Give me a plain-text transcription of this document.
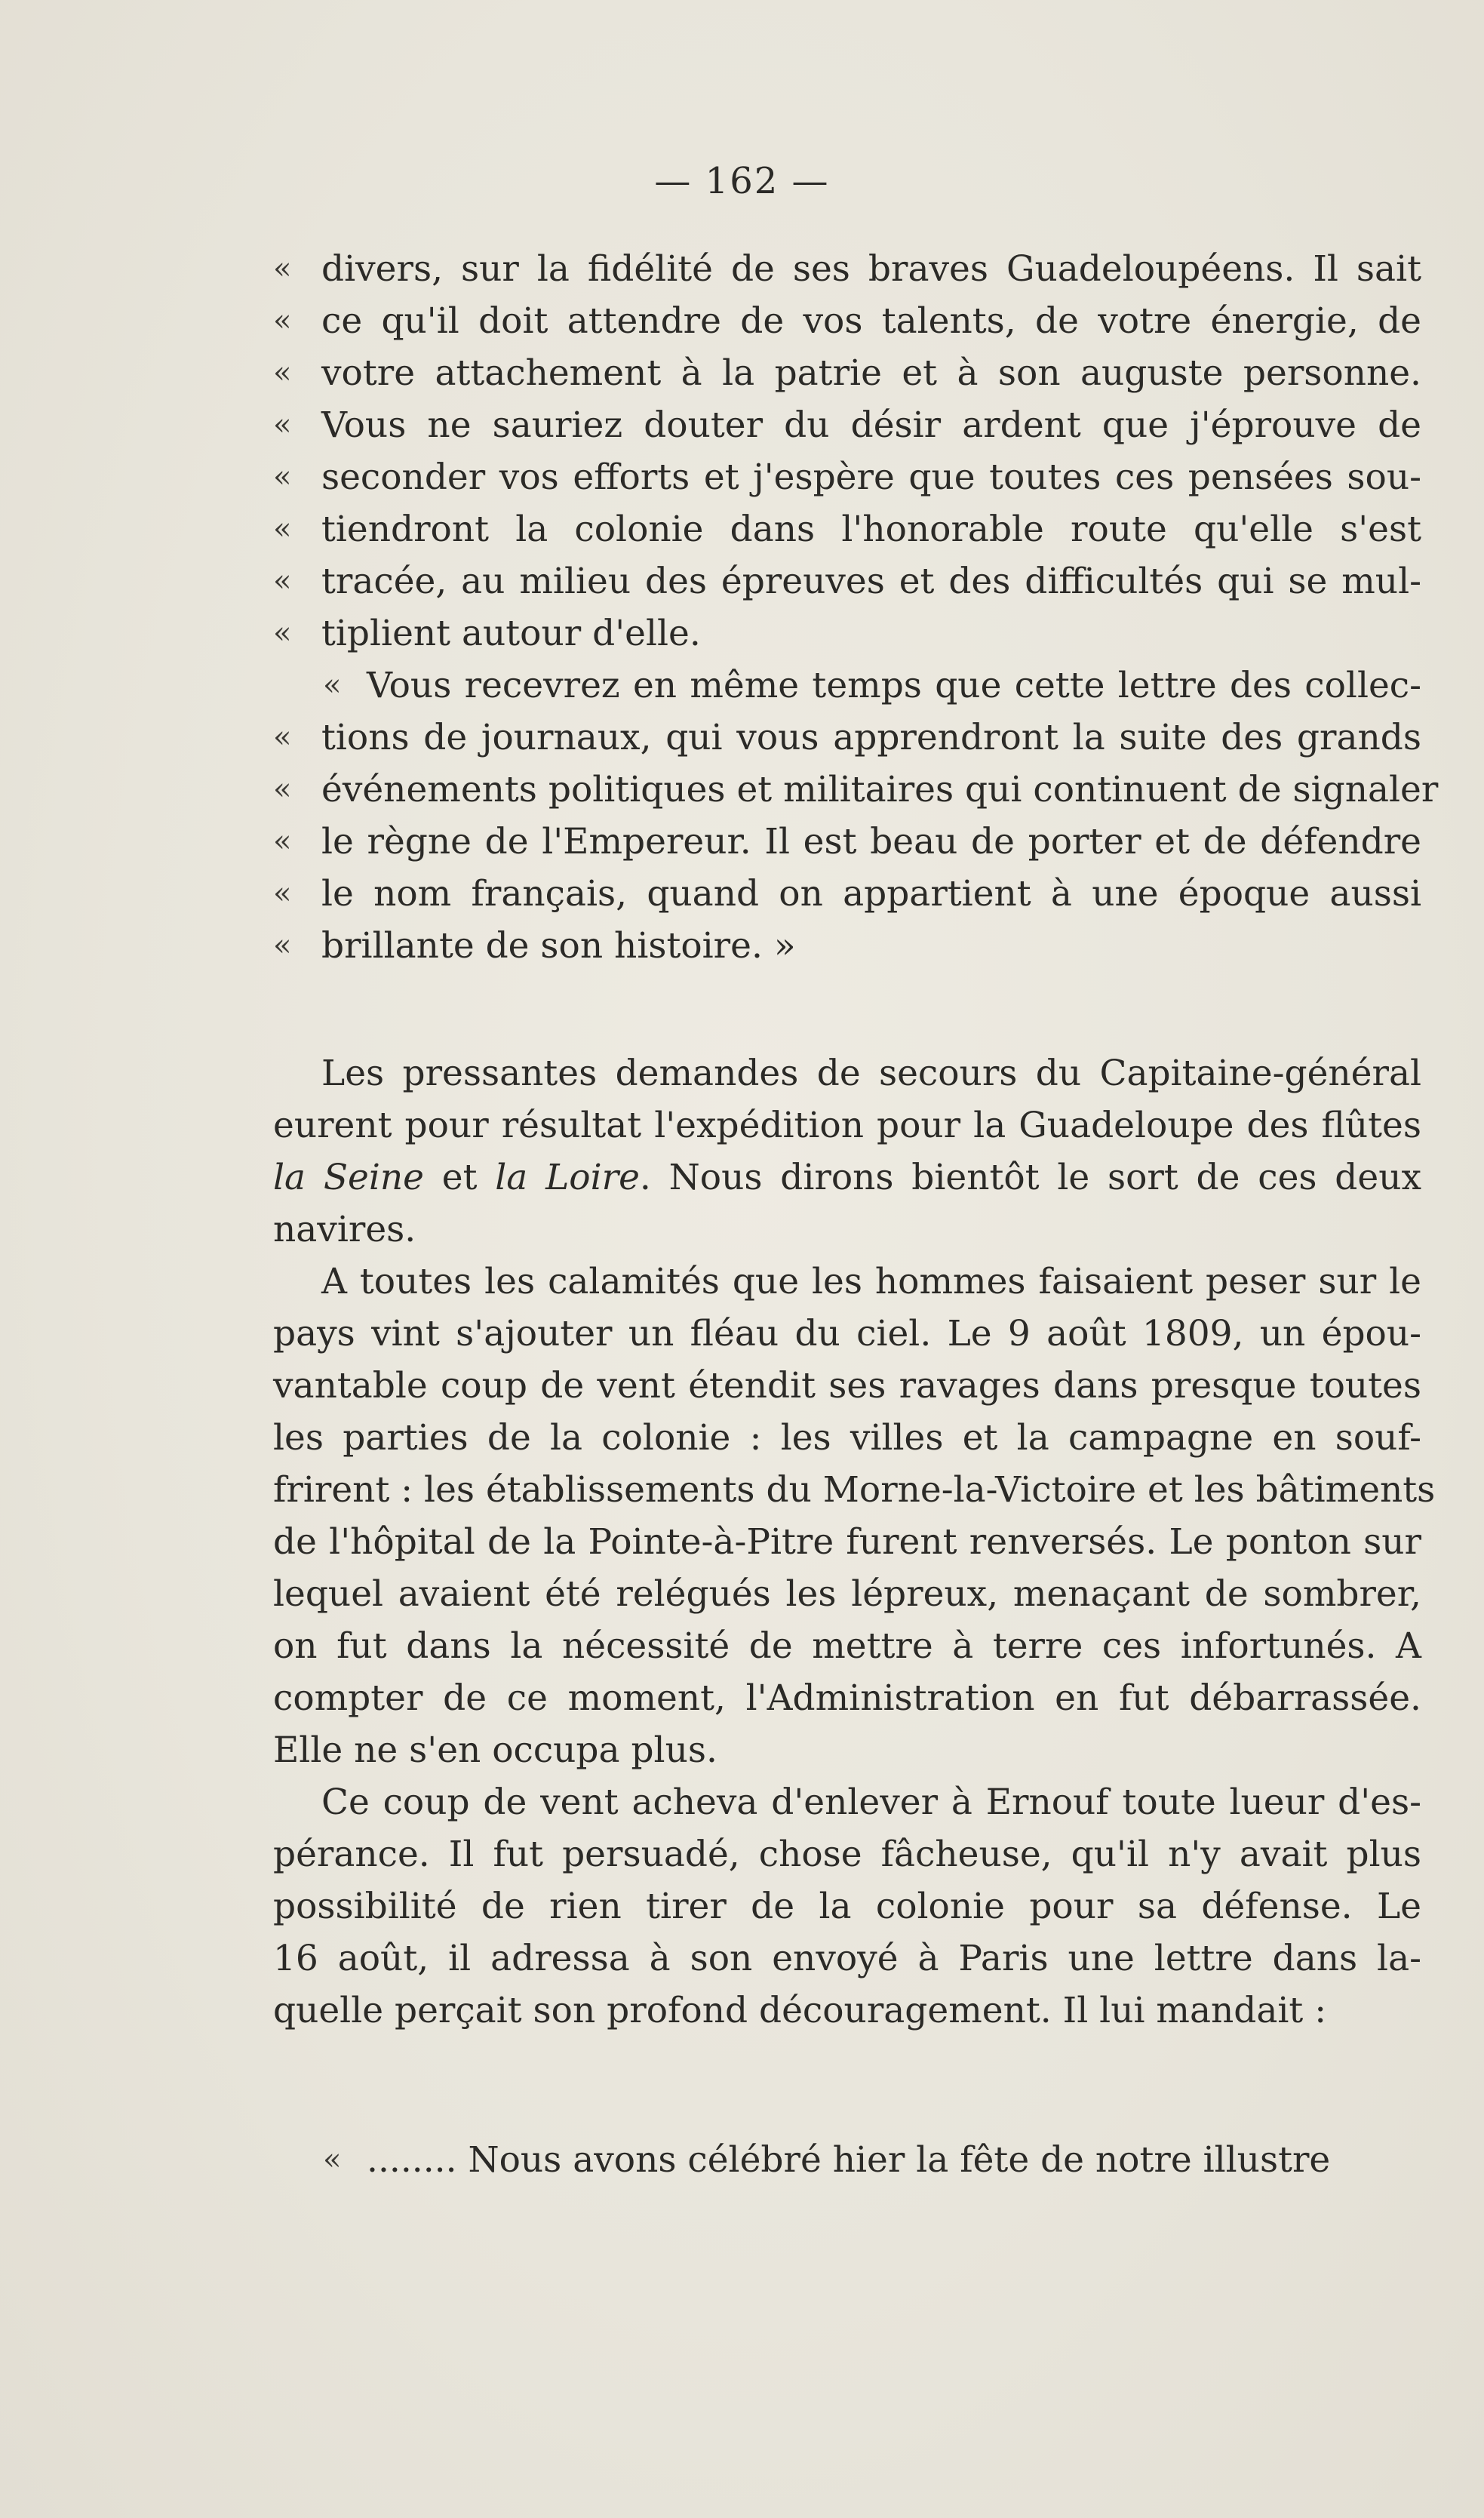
— 162 —
« divers, sur la fidélité de ses braves Guadeloupéens. Il sait
« ce qu'il doit attendre de vos talents, de votre énergie, de
« votre attachement à la patrie et à son auguste personne.
« Vous ne sauriez douter du désir ardent que j'éprouve de
« seconder vos efforts et j'espère que toutes ces pensées sou-
« tiendront la colonie dans l'honorable route qu'elle s'est
« tracée, au milieu des épreuves et des difficultés qui se mul-
« tiplient autour d'elle.
« Vous recevrez en même temps que cette lettre des collec-
« tions de journaux, qui vous apprendront la suite des grands
« événements politiques et militaires qui continuent de signaler
« le règne de l'Empereur. Il est beau de porter et de défendre
« le nom français, quand on appartient à une époque aussi
« brillante de son histoire. »
Les pressantes demandes de secours du Capitaine-général
eurent pour résultat l'expédition pour la Guadeloupe des flûtes
la Seine et la Loire. Nous dirons bientôt le sort de ces deux
navires.
A toutes les calamités que les hommes faisaient peser sur le
pays vint s'ajouter un fléau du ciel. Le 9 août 1809, un épou-
vantable coup de vent étendit ses ravages dans presque toutes
les parties de la colonie : les villes et la campagne en souf-
frirent : les établissements du Morne-la-Victoire et les bâtiments
de l'hôpital de la Pointe-à-Pitre furent renversés. Le ponton sur
lequel avaient été relégués les lépreux, menaçant de sombrer,
on fut dans la nécessité de mettre à terre ces infortunés. A
compter de ce moment, l'Administration en fut débarrassée.
Elle ne s'en occupa plus.
Ce coup de vent acheva d'enlever à Ernouf toute lueur d'es-
pérance. Il fut persuadé, chose fâcheuse, qu'il n'y avait plus
possibilité de rien tirer de la colonie pour sa défense. Le
16 août, il adressa à son envoyé à Paris une lettre dans la-
quelle perçait son profond découragement. Il lui mandait :
« ........ Nous avons célébré hier la fête de notre illustre
